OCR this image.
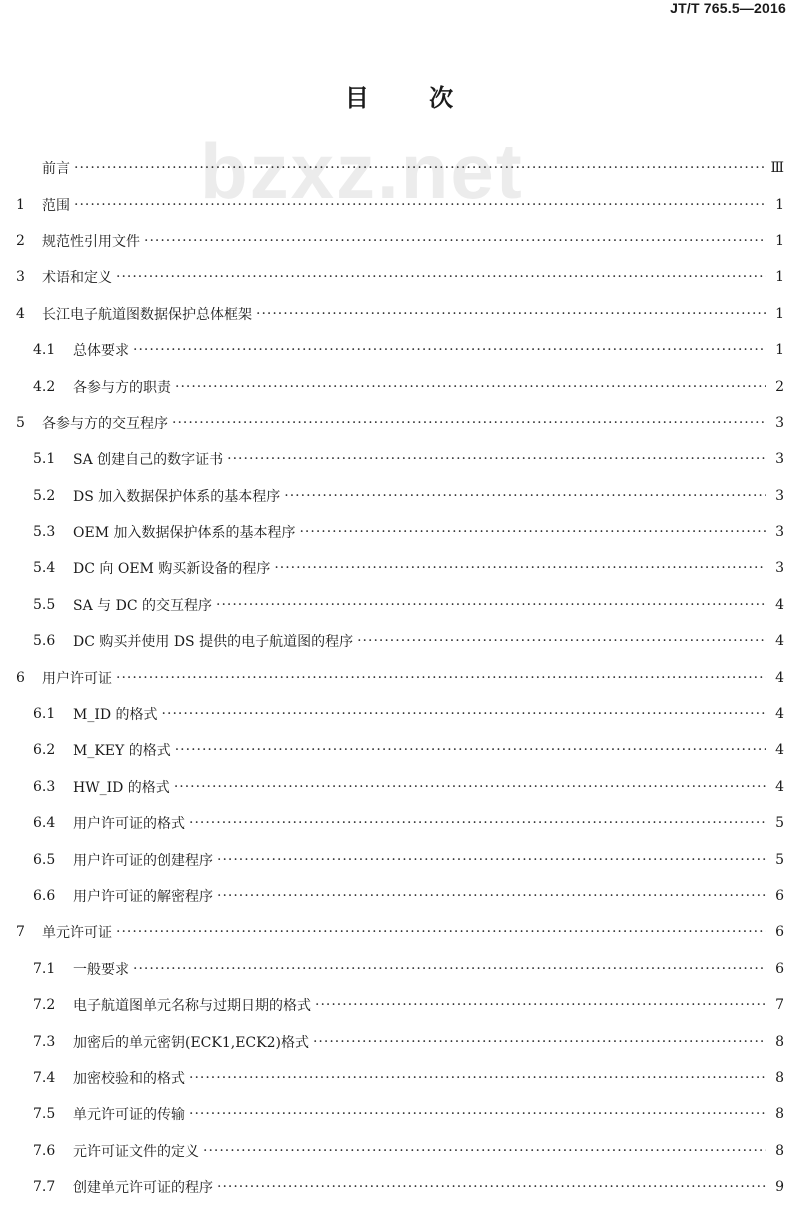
JT/T 765.5—2016
bzxz.net
目 次
前言 ·····	Ⅲ
1	范围 ·····	1
2	规范性引用文件 ·····	1
3	术语和定义 ·····	1
4	长江电子航道图数据保护总体框架 ·····	1
4.1	总体要求 ·····	1
4.2	各参与方的职责 ·····	2
5	各参与方的交互程序 ·····	3
5.1	SA 创建自己的数字证书 ·····	3
5.2	DS 加入数据保护体系的基本程序 ·····	3
5.3	OEM 加入数据保护体系的基本程序 ·····	3
5.4	DC 向 OEM 购买新设备的程序 ·····	3
5.5	SA 与 DC 的交互程序 ·····	4
5.6	DC 购买并使用 DS 提供的电子航道图的程序 ·····	4
6	用户许可证 ·····	4
6.1	M_ID 的格式 ·····	4
6.2	M_KEY 的格式 ·····	4
6.3	HW_ID 的格式 ·····	4
6.4	用户许可证的格式 ·····	5
6.5	用户许可证的创建程序 ·····	5
6.6	用户许可证的解密程序 ·····	6
7	单元许可证 ·····	6
7.1	一般要求 ·····	6
7.2	电子航道图单元名称与过期日期的格式 ·····	7
7.3	加密后的单元密钥(ECK1,ECK2)格式 ·····	8
7.4	加密校验和的格式 ·····	8
7.5	单元许可证的传输 ·····	8
7.6	元许可证文件的定义 ·····	8
7.7	创建单元许可证的程序 ·····	9
